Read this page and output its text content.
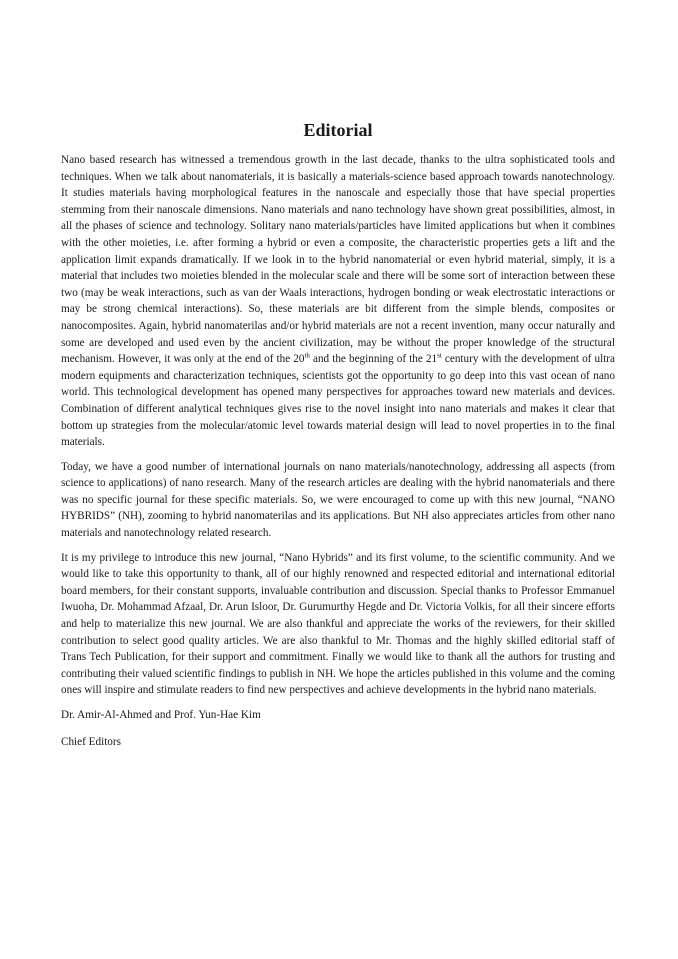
Editorial

Nano based research has witnessed a tremendous growth in the last decade, thanks to the ultra sophisticated tools and techniques. When we talk about nanomaterials, it is basically a materials-science based approach towards nanotechnology. It studies materials having morphological features in the nanoscale and especially those that have special properties stemming from their nanoscale dimensions. Nano materials and nano technology have shown great possibilities, almost, in all the phases of science and technology. Solitary nano materials/particles have limited applications but when it combines with the other moieties, i.e. after forming a hybrid or even a composite, the characteristic properties gets a lift and the application limit expands dramatically. If we look in to the hybrid nanomaterial or even hybrid material, simply, it is a material that includes two moieties blended in the molecular scale and there will be some sort of interaction between these two (may be weak interactions, such as van der Waals interactions, hydrogen bonding or weak electrostatic interactions or may be strong chemical interactions). So, these materials are bit different from the simple blends, composites or nanocomposites. Again, hybrid nanomaterilas and/or hybrid materials are not a recent invention, many occur naturally and some are developed and used even by the ancient civilization, may be without the proper knowledge of the structural mechanism. However, it was only at the end of the 20th and the beginning of the 21st century with the development of ultra modern equipments and characterization techniques, scientists got the opportunity to go deep into this vast ocean of nano world. This technological development has opened many perspectives for approaches toward new materials and devices. Combination of different analytical techniques gives rise to the novel insight into nano materials and makes it clear that bottom up strategies from the molecular/atomic level towards material design will lead to novel properties in to the final materials.

Today, we have a good number of international journals on nano materials/nanotechnology, addressing all aspects (from science to applications) of nano research. Many of the research articles are dealing with the hybrid nanomaterials and there was no specific journal for these specific materials. So, we were encouraged to come up with this new journal, “NANO HYBRIDS” (NH), zooming to hybrid nanomaterilas and its applications. But NH also appreciates articles from other nano materials and nanotechnology related research.

It is my privilege to introduce this new journal, “Nano Hybrids” and its first volume, to the scientific community. And we would like to take this opportunity to thank, all of our highly renowned and respected editorial and international editorial board members, for their constant supports, invaluable contribution and discussion. Special thanks to Professor Emmanuel Iwuoha, Dr. Mohammad Afzaal, Dr. Arun Isloor, Dr. Gurumurthy Hegde and Dr. Victoria Volkis, for all their sincere efforts and help to materialize this new journal. We are also thankful and appreciate the works of the reviewers, for their skilled contribution to select good quality articles. We are also thankful to Mr. Thomas and the highly skilled editorial staff of Trans Tech Publication, for their support and commitment. Finally we would like to thank all the authors for trusting and contributing their valued scientific findings to publish in NH. We hope the articles published in this volume and the coming ones will inspire and stimulate readers to find new perspectives and achieve developments in the hybrid nano materials.

Dr. Amir-Al-Ahmed and Prof. Yun-Hae Kim

Chief Editors
